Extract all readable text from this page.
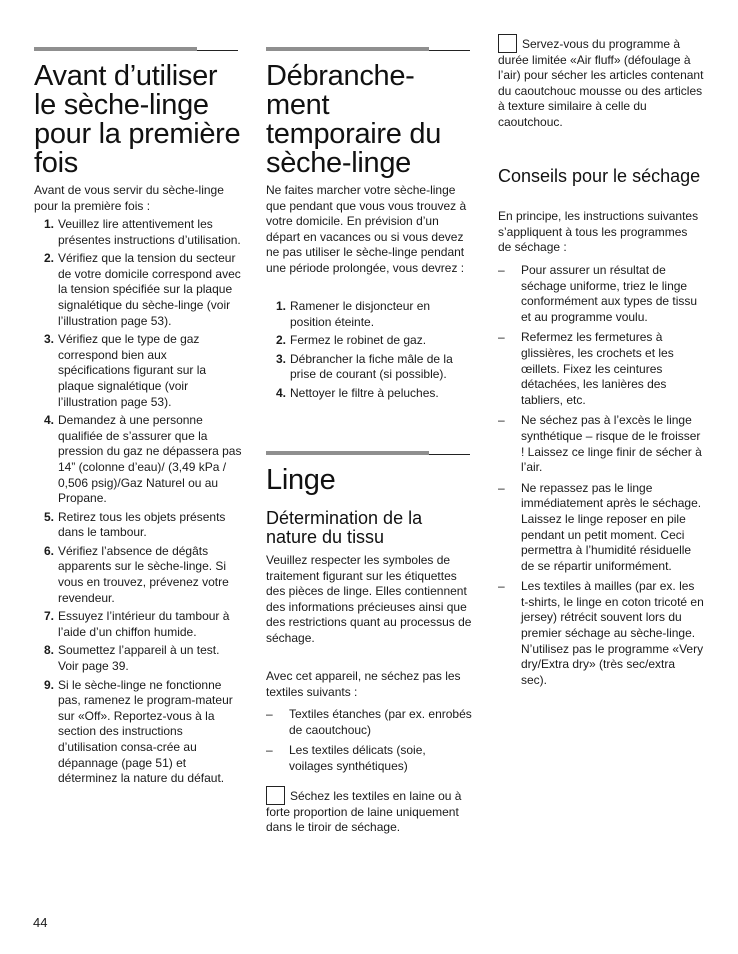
Avant d’utiliser le sèche-linge pour la première fois
Avant de vous servir du sèche-linge pour la première fois :
1. Veuillez lire attentivement les présentes instructions d’utilisation.
2. Vérifiez que la tension du secteur de votre domicile correspond avec la tension spécifiée sur la plaque signalétique du sèche-linge (voir l’illustration page 53).
3. Vérifiez que le type de gaz correspond bien aux spécifications figurant sur la plaque signalétique (voir l’illustration page 53).
4. Demandez à une personne qualifiée de s’assurer que la pression du gaz ne dépassera pas 14” (colonne d’eau)/ (3,49 kPa / 0,506 psig)/Gaz Naturel ou au Propane.
5. Retirez tous les objets présents dans le tambour.
6. Vérifiez l’absence de dégâts apparents sur le sèche-linge. Si vous en trouvez, prévenez votre revendeur.
7. Essuyez l’intérieur du tambour à l’aide d’un chiffon humide.
8. Soumettez l’appareil à un test. Voir page 39.
9. Si le sèche-linge ne fonctionne pas, ramenez le program-mateur sur «Off». Reportez-vous à la section des instructions d’utilisation consa-crée au dépannage (page 51) et déterminez la nature du défaut.
Débranche-ment temporaire du sèche-linge
Ne faites marcher votre sèche-linge que pendant que vous vous trouvez à votre domicile. En prévision d’un départ en vacances ou si vous devez ne pas utiliser le sèche-linge pendant une période prolongée, vous devrez :
1. Ramener le disjoncteur en position éteinte.
2. Fermez le robinet de gaz.
3. Débrancher la fiche mâle de la prise de courant (si possible).
4. Nettoyer le filtre à peluches.
Linge
Détermination de la nature du tissu
Veuillez respecter les symboles de traitement figurant sur les étiquettes des pièces de linge. Elles contiennent des informations précieuses ainsi que des restrictions quant au processus de séchage.
Avec cet appareil, ne séchez pas les textiles suivants :
– Textiles étanches (par ex. enrobés de caoutchouc)
– Les textiles délicats (soie, voilages synthétiques)
Séchez les textiles en laine ou à forte proportion de laine uniquement dans le tiroir de séchage.
Servez-vous du programme à durée limitée «Air fluff» (défoulage à l’air) pour sécher les articles contenant du caoutchouc mousse ou des articles à texture similaire à celle du caoutchouc.
Conseils pour le séchage
En principe, les instructions suivantes s’appliquent à tous les programmes de séchage :
– Pour assurer un résultat de séchage uniforme, triez le linge conformément aux types de tissu et au programme voulu.
– Refermez les fermetures à glissières, les crochets et les œillets. Fixez les ceintures détachées, les lanières des tabliers, etc.
– Ne séchez pas à l’excès le linge synthétique – risque de le froisser ! Laissez ce linge finir de sécher à l’air.
– Ne repassez pas le linge immédiatement après le séchage. Laissez le linge reposer en pile pendant un petit moment. Ceci permettra à l’humidité résiduelle de se répartir uniformément.
– Les textiles à mailles (par ex. les t-shirts, le linge en coton tricoté en jersey) rétrécit souvent lors du premier séchage au sèche-linge. N’utilisez pas le programme «Very dry/Extra dry» (très sec/extra sec).
44
